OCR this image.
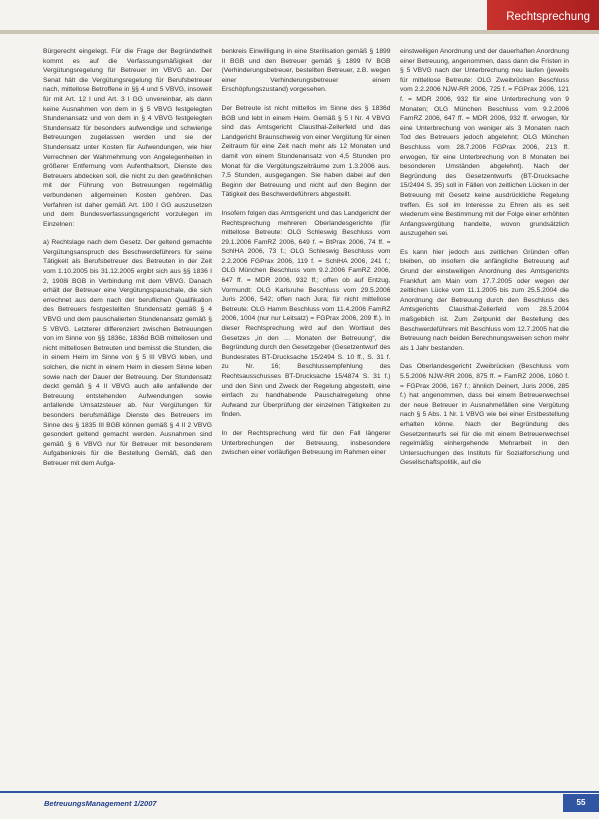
Rechtsprechung

Bürgerecht eingelegt. Für die Frage der Begründetheit kommt es auf die Verfassungsmäßigkeit der Vergütungsregelung für Betreuer im VBVG an. Der Senat hält die Vergütungsregelung für Berufsbetreuer nach, mittellose Betroffene in §§ 4 und 5 VBVG, insoweit für mit Art. 12 I und Art. 3 I GG unvereinbar, als dann keine Ausnahmen von dem in § 5 VBVG festgelegten Stundenansatz und von dem in § 4 VBVG festgelegten Stundensatz für besonders aufwendige und schwierige Betreuungen zugelassen werden und sie der Stundensatz unter Kosten für Aufwendungen, wie hier Verrechnen der Wahrnehmung von Angelegenheiten in größerer Entfernung vom Aufenthaltsort, Dienste des Betreuers abdecken soll, die nicht zu den gewöhnlichen mit der Führung von Betreuungen regelmäßig verbundenen allgemeinen Kosten gehören. Das Verfahren ist daher gemäß Art. 100 I GG auszusetzen und dem Bundesverfassungsgericht vorzulegen im Einzelnen:

a) Rechtslage nach dem Gesetz. Der geltend gemachte Vergütungsanspruch des Beschwerdeführers für seine Tätigkeit als Berufsbetreuer des Betreuten in der Zeit vom 1.10.2005 bis 31.12.2005 ergibt sich aus §§ 1836 I 2, 1908i BGB in Verbindung mit dem VBVG. Danach erhält der Betreuer eine Vergütungspauschale, die sich errechnet aus dem nach der beruflichen Qualifikation des Betreuers festgestellten Stundensatz gemäß § 4 VBVG und dem pauschalierten Stundenansatz gemäß § 5 VBVG. Letzterer differenziert zwischen Betreuungen von im Sinne von §§ 1836c, 1836d BGB mittellosen und nicht mittellosen Betreuten und bemisst die Stunden, die in einem Heim im Sinne von § 5 III VBVG leben, und solchen, die nicht in einem Heim in diesem Sinne leben sowie nach der Dauer der Betreuung. Der Stundensatz deckt gemäß § 4 II VBVG auch alle anfallende der Betreuung entstehenden Aufwendungen sowie anfallende Umsatzsteuer ab. Nur Vergütungen für besonders berufsmäßige Dienste des Betreuers im Sinne des § 1835 III BGB können gemäß § 4 II 2 VBVG gesondert geltend gemacht werden. Ausnahmen sind gemäß § 6 VBVG nur für Betreuer mit besonderem Aufgabenkreis für die Bestellung Gemäß, daß den Betreuer mit dem Aufga-

benkreis Einwilligung in eine Sterilisation gemäß § 1899 II BGB und den Betreuer gemäß § 1899 IV BGB (Verhinderungsbetreuer, bestellten Betreuer, z.B. wegen einer Verhinderungsbetreuer einem Erschöpfungszustand) vorgesehen.

Der Betreute ist nicht mittellos im Sinne des § 1836d BGB und lebt in einem Heim. Gemäß § 5 I Nr. 4 VBVG sind das Amtsgericht Clausthal-Zellerfeld und das Landgericht Braunschweig von einer Vergütung für einen Zeitraum für eine Zeit nach mehr als 12 Monaten und damit von einem Stundenansatz von 4,5 Stunden pro Monat für die Vergütungszeiträume zum 1.3.2006 aus. 7,5 Stunden, ausgegangen. Sie haben dabei auf den Beginn der Betreuung und nicht auf den Beginn der Tätigkeit des Beschwerdeführers abgestellt.

Insofern folgen das Amtsgericht und das Landgericht der Rechtsprechung mehreren Oberlandesgerichte (für mittellose Betreute: OLG Schleswig Beschluss vom 29.1.2006 FamRZ 2006, 649 f. = BtPrax 2006, 74 ff. = SchlHA 2006, 73 f.; OLG Schleswig Beschluss vom 2.2.2006 FGPrax 2006, 119 f. = SchlHA 2006, 241 f.; OLG München Beschluss vom 9.2.2006 FamRZ 2006, 647 ff. = MDR 2006, 932 ff.; offen ob auf Entzug, Vormundt: OLG Karlsruhe Beschluss vom 29.5.2006 Juris 2006, 542; offen nach Jura; für nicht mittellose Betreute: OLG Hamm Beschluss vom 11.4.2006 FamRZ 2006, 1004 (nur nur Leitsatz) = FGPrax 2006, 209 ff.). In dieser Rechtsprechung wird auf den Wortlaut des Gesetzes „in den … Monaten der Betreuung“, die Begründung durch den Gesetzgeber (Gesetzentwurf des Bundesrates BT-Drucksache 15/2494 S. 10 ff., S. 31 f. zu Nr. 16; Beschlussempfehlung des Rechtsausschusses BT-Drucksache 15/4874 S. 31 f.) und den Sinn und Zweck der Regelung abgestellt, eine einfach zu handhabende Pauschalregelung ohne Aufwand zur Überprüfung der einzelnen Tätigkeiten zu finden.

In der Rechtsprechung wird für den Fall längerer Unterbrechungen der Betreuung, insbesondere zwischen einer vorläufigen Betreuung im Rahmen einer

einstweiligen Anordnung und der dauerhaften Anordnung einer Betreuung, angenommen, dass dann die Fristen in § 5 VBVG nach der Unterbrechung neu laufen (jeweils für mittellose Betreute: OLG Zweibrücken Beschluss vom 2.2.2006 NJW-RR 2006, 725 f. = FGPrax 2006, 121 f. = MDR 2006, 932 für eine Unterbrechung von 9 Monaten; OLG München Beschluss vom 9.2.2006 FamRZ 2006, 647 ff. = MDR 2006, 932 ff. erwogen, für eine Unterbrechung von weniger als 3 Monaten nach Tod des Betreuers jedoch abgelehnt; OLG München Beschluss vom 28.7.2006 FGPrax 2006, 213 ff. erwogen, für eine Unterbrechung von 8 Monaten bei besonderen Umständen abgelehnt). Nach der Begründung des Gesetzentwurfs (BT-Drucksache 15/2494 S. 35) soll in Fällen von zeitlichen Lücken in der Betreuung mit Gesetz keine ausdrückliche Regelung treffen. Es soll im Interesse zu Ehren als es seit wiederum eine Bestimmung mit der Folge einer erhöhten Anfangsvergütung handelte, wovon grundsätzlich auszugehen sei.

Es kann hier jedoch aus zeitlichen Gründen offen bleiben, ob insofern die anfängliche Betreuung auf Grund der einstweiligen Anordnung des Amtsgerichts Frankfurt am Main vom 17.7.2005 oder wegen der zeitlichen Lücke vom 11.1.2005 bis zum 25.5.2004 die Anordnung der Betreuung durch den Beschluss des Amtsgerichts Clausthal-Zellerfeld vom 28.5.2004 maßgeblich ist. Zum Zeitpunkt der Bestellung des Beschwerdeführers mit Beschluss vom 12.7.2005 hat die Betreuung nach beiden Berechnungsweisen schon mehr als 1 Jahr bestanden.

Das Oberlandesgericht Zweibrücken (Beschluss vom 5.5.2006 NJW-RR 2006, 875 ff. = FamRZ 2006, 1060 f. = FGPrax 2006, 167 f.; ähnlich Deinert, Juris 2006, 285 f.) hat angenommen, dass bei einem Betreuerwechsel der neue Betreuer in Ausnahmefällen eine Vergütung nach § 5 Abs. 1 Nr. 1 VBVG wie bei einer Erstbestellung erhalten könne. Nach der Begründung des Gesetzentwurfs sei für die mit einem Betreuerwechsel regelmäßig einhergehende Mehrarbeit in den Untersuchungen des Instituts für Sozialforschung und Gesellschaftspolitik, auf die

BetreuungsManagement 1/2007	55
